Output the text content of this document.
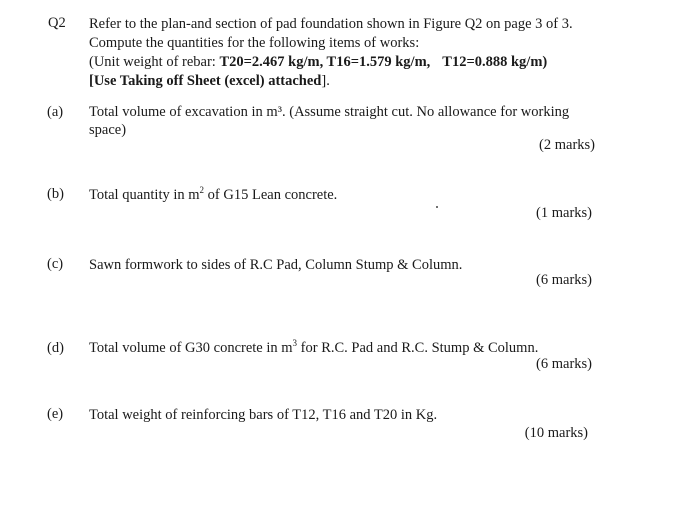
Q2 Refer to the plan-and section of pad foundation shown in Figure Q2 on page 3 of 3.
Compute the quantities for the following items of works:
(Unit weight of rebar: T20=2.467 kg/m, T16=1.579 kg/m, T12=0.888 kg/m)
[Use Taking off Sheet (excel) attached].
(a) Total volume of excavation in m³. (Assume straight cut. No allowance for working
space)
(2 marks)
(b) Total quantity in $m^2$ of G15 Lean concrete.
(1 marks)
(c) Sawn formwork to sides of R.C Pad, Column Stump & Column.
(6 marks)
(d) Total volume of G30 concrete in $m^3$ for R.C. Pad and R.C. Stump & Column.
(6 marks)
(e) Total weight of reinforcing bars of T12, T16 and T20 in Kg.
(10 marks)
